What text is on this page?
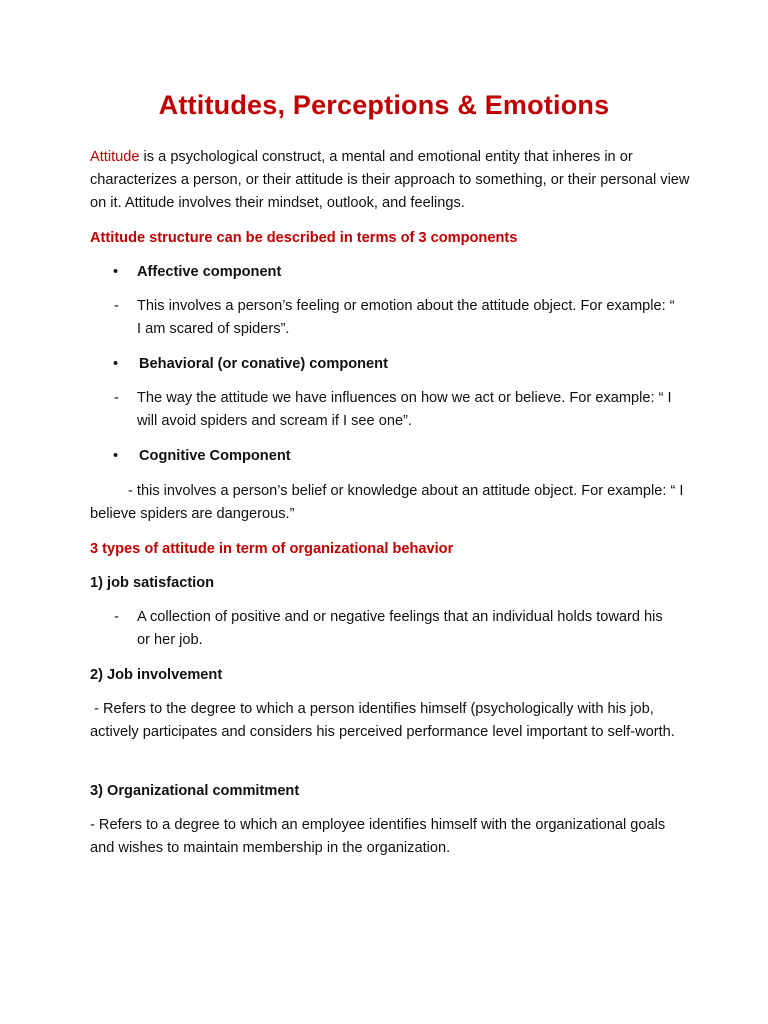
Attitudes, Perceptions & Emotions
Attitude is a psychological construct, a mental and emotional entity that inheres in or characterizes a person, or their attitude is their approach to something, or their personal view on it. Attitude involves their mindset, outlook, and feelings.
Attitude structure can be described in terms of 3 components
• Affective component
- This involves a person’s feeling or emotion about the attitude object. For example: “ I am scared of spiders”.
• Behavioral (or conative) component
- The way the attitude we have influences on how we act or believe. For example: “ I will avoid spiders and scream if I see one”.
• Cognitive Component
- this involves a person’s belief or knowledge about an attitude object. For example: “ I believe spiders are dangerous.”
3 types of attitude in term of organizational behavior
1) job satisfaction
- A collection of positive and or negative feelings that an individual holds toward his or her job.
2) Job involvement
- Refers to the degree to which a person identifies himself (psychologically with his job, actively participates and considers his perceived performance level important to self-worth.
3) Organizational commitment
- Refers to a degree to which an employee identifies himself with the organizational goals and wishes to maintain membership in the organization.
